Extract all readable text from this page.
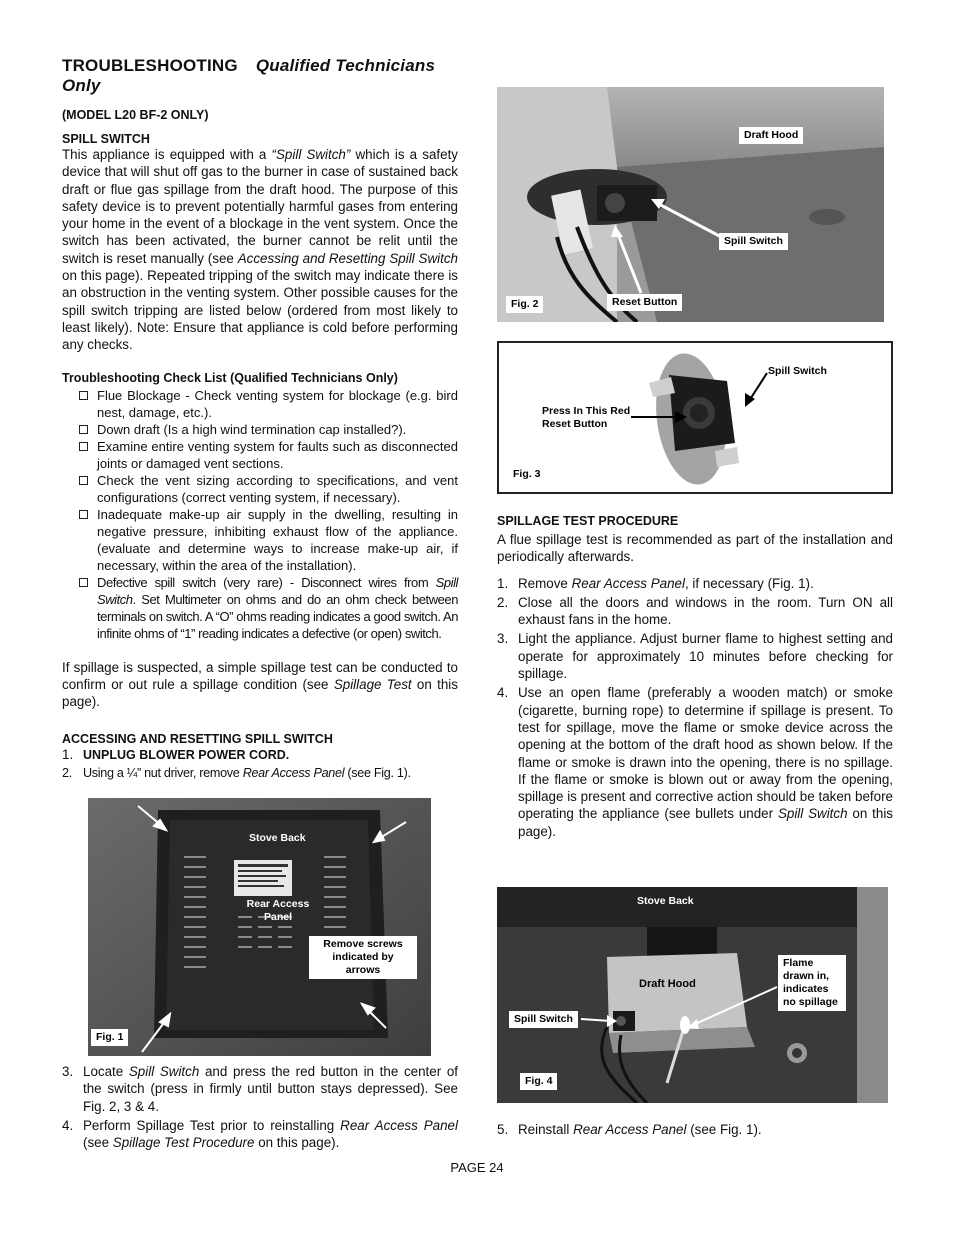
TROUBLESHOOTING Qualified Technicians Only
(MODEL L20 BF-2 ONLY)
SPILL SWITCH

This appliance is equipped with a “Spill Switch” which is a safety device that will shut off gas to the burner in case of sustained back draft or flue gas spillage from the draft hood. The purpose of this safety device is to prevent potentially harmful gases from entering your home in the event of a blockage in the vent system. Once the switch has been activated, the burner cannot be relit until the switch is reset manually (see Accessing and Resetting Spill Switch on this page). Repeated tripping of the switch may indicate there is an obstruction in the venting system. Other possible causes for the spill switch tripping are listed below (ordered from most likely to least likely). Note: Ensure that appliance is cold before performing any checks.

Troubleshooting Check List (Qualified Technicians Only)
Flue Blockage - Check venting system for blockage (e.g. bird nest, damage, etc.).
Down draft (Is a high wind termination cap installed?).
Examine entire venting system for faults such as disconnected joints or damaged vent sections.
Check the vent sizing according to specifications, and vent configurations (correct venting system, if necessary).
Inadequate make-up air supply in the dwelling, resulting in negative pressure, inhibiting exhaust flow of the appliance. (evaluate and determine ways to increase make-up air, if necessary, within the area of the installation).
Defective spill switch (very rare) - Disconnect wires from Spill Switch. Set Multimeter on ohms and do an ohm check between terminals on switch. A “O” ohms reading indicates a good switch. An infinite ohms of “1” reading indicates a defective (or open) switch.

If spillage is suspected, a simple spillage test can be conducted to confirm or out rule a spillage condition (see Spillage Test on this page).

ACCESSING AND RESETTING SPILL SWITCH
1. UNPLUG BLOWER POWER CORD.
2. Using a ¼” nut driver, remove Rear Access Panel (see Fig. 1).
Stove Back
Rear Access Panel
Remove screws indicated by arrows
Fig. 1
3. Locate Spill Switch and press the red button in the center of the switch (press in firmly until button stays depressed). See Fig. 2, 3 & 4.
4. Perform Spillage Test prior to reinstalling Rear Access Panel (see Spillage Test Procedure on this page).
Draft Hood
Spill Switch
Reset Button
Fig. 2
Spill Switch
Press In This Red Reset Button
Fig. 3
SPILLAGE TEST PROCEDURE

A flue spillage test is recommended as part of the installation and periodically afterwards.

1. Remove Rear Access Panel, if necessary (Fig. 1).
2. Close all the doors and windows in the room. Turn ON all exhaust fans in the home.
3. Light the appliance. Adjust burner flame to highest setting and operate for approximately 10 minutes before checking for spillage.
4. Use an open flame (preferably a wooden match) or smoke (cigarette, burning rope) to determine if spillage is present. To test for spillage, move the flame or smoke device across the opening at the bottom of the draft hood as shown below. If the flame or smoke is drawn into the opening, there is no spillage. If the flame or smoke is blown out or away from the opening, spillage is present and corrective action should be taken before operating the appliance (see bullets under Spill Switch on this page).
Stove Back
Draft Hood
Flame drawn in, indicates no spillage
Spill Switch
Fig. 4
5. Reinstall Rear Access Panel (see Fig. 1).
PAGE 24
